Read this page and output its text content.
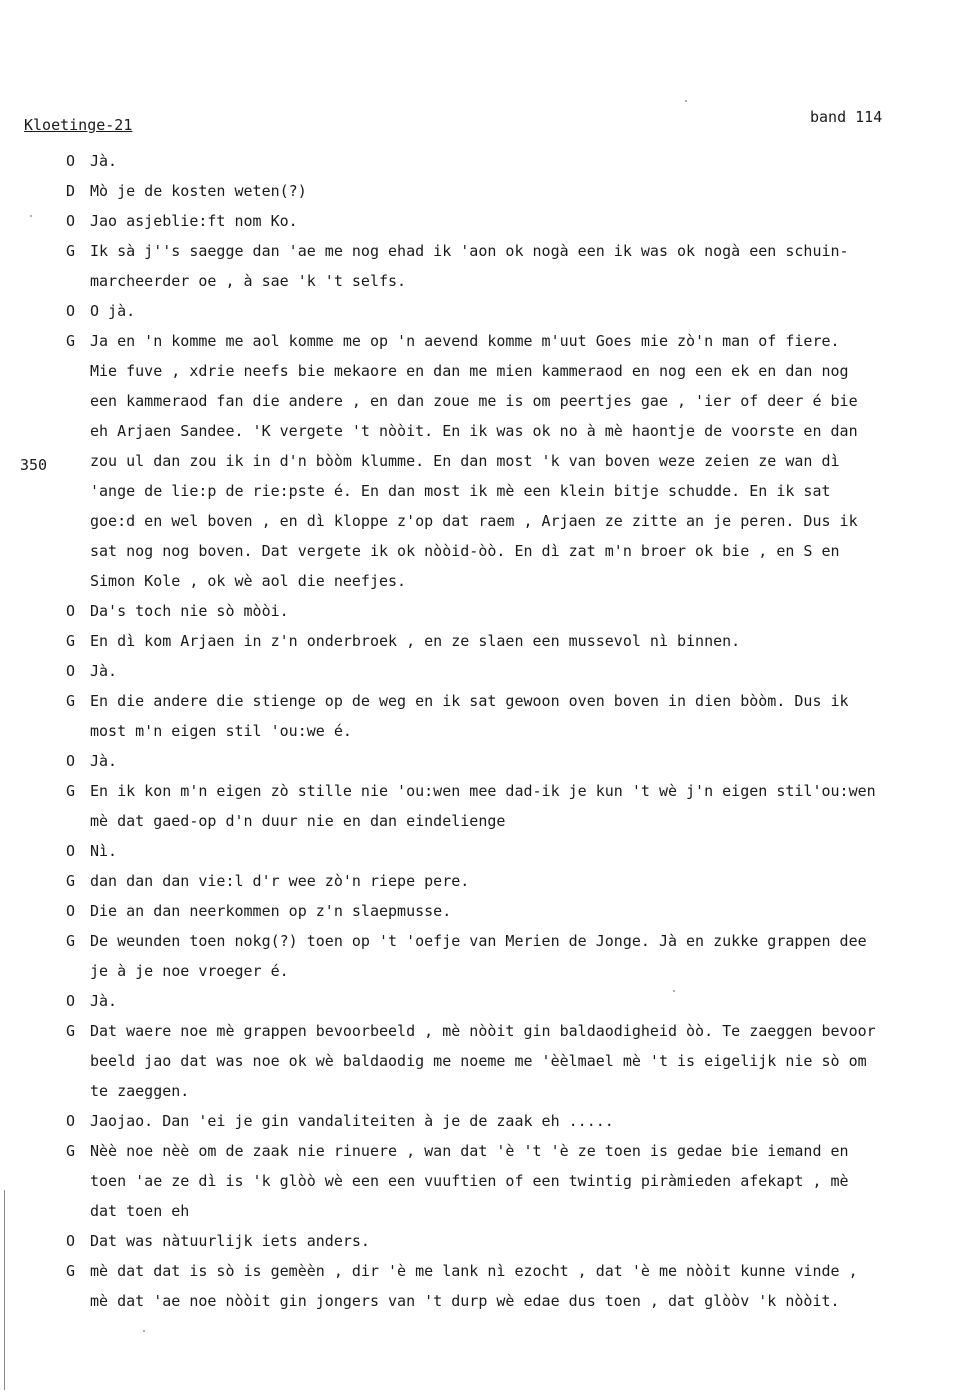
Kloetinge-21	band 114
350
O Jà.
D Mò je de kosten weten(?)
O Jao asjeblie:ft nom Ko.
G Ik sà j''s saegge dan 'ae me nog ehad ik 'aon ok nogà een ik was ok nogà een schuin-
marcheerder oe , à sae 'k 't selfs.
O O jà.
G Ja en 'n komme me aol komme me op 'n aevend komme m'uut Goes mie zò'n man of fiere.
Mie fuve , xdrie neefs bie mekaore en dan me mien kammeraod en nog een ek en dan nog
een kammeraod fan die andere , en dan zoue me is om peertjes gae , 'ier of deer é bie
eh Arjaen Sandee. 'K vergete 't nòòit. En ik was ok no à mè haontje de voorste en dan
zou ul dan zou ik in d'n bòòm klumme. En dan most 'k van boven weze zeien ze wan dì
'ange de lie:p de rie:pste é. En dan most ik mè een klein bitje schudde. En ik sat
goe:d en wel boven , en dì kloppe z'op dat raem , Arjaen ze zitte an je peren. Dus ik
sat nog nog boven. Dat vergete ik ok nòòid-òò. En dì zat m'n broer ok bie , en S en
Simon Kole , ok wè aol die neefjes.
O Da's toch nie sò mòòi.
G En dì kom Arjaen in z'n onderbroek , en ze slaen een mussevol nì binnen.
O Jà.
G En die andere die stienge op de weg en ik sat gewoon oven boven in dien bòòm. Dus ik
most m'n eigen stil 'ou:we é.
O Jà.
G En ik kon m'n eigen zò stille nie 'ou:wen mee dad-ik je kun 't wè j'n eigen stil'ou:wen
mè dat gaed-op d'n duur nie en dan eindelienge
O Nì.
G dan dan dan vie:l d'r wee zò'n riepe pere.
O Die an dan neerkommen op z'n slaepmusse.
G De weunden toen nokg(?) toen op 't 'oefje van Merien de Jonge. Jà en zukke grappen dee
je à je noe vroeger é.
O Jà.
G Dat waere noe mè grappen bevoorbeeld , mè nòòit gin baldaodigheid òò. Te zaeggen bevoor
beeld jao dat was noe ok wè baldaodig me noeme me 'èèlmael mè 't is eigelijk nie sò om
te zaeggen.
O Jaojao. Dan 'ei je gin vandaliteiten à je de zaak eh .....
G Nèè noe nèè om de zaak nie rinuere , wan dat 'è 't 'è ze toen is gedae bie iemand en
toen 'ae ze dì is 'k glòò wè een een vuuftien of een twintig piràmieden afekapt , mè
dat toen eh
O Dat was nàtuurlijk iets anders.
G mè dat dat is sò is gemèèn , dir 'è me lank nì ezocht , dat 'è me nòòit kunne vinde ,
mè dat 'ae noe nòòit gin jongers van 't durp wè edae dus toen , dat glòòv 'k nòòit.
